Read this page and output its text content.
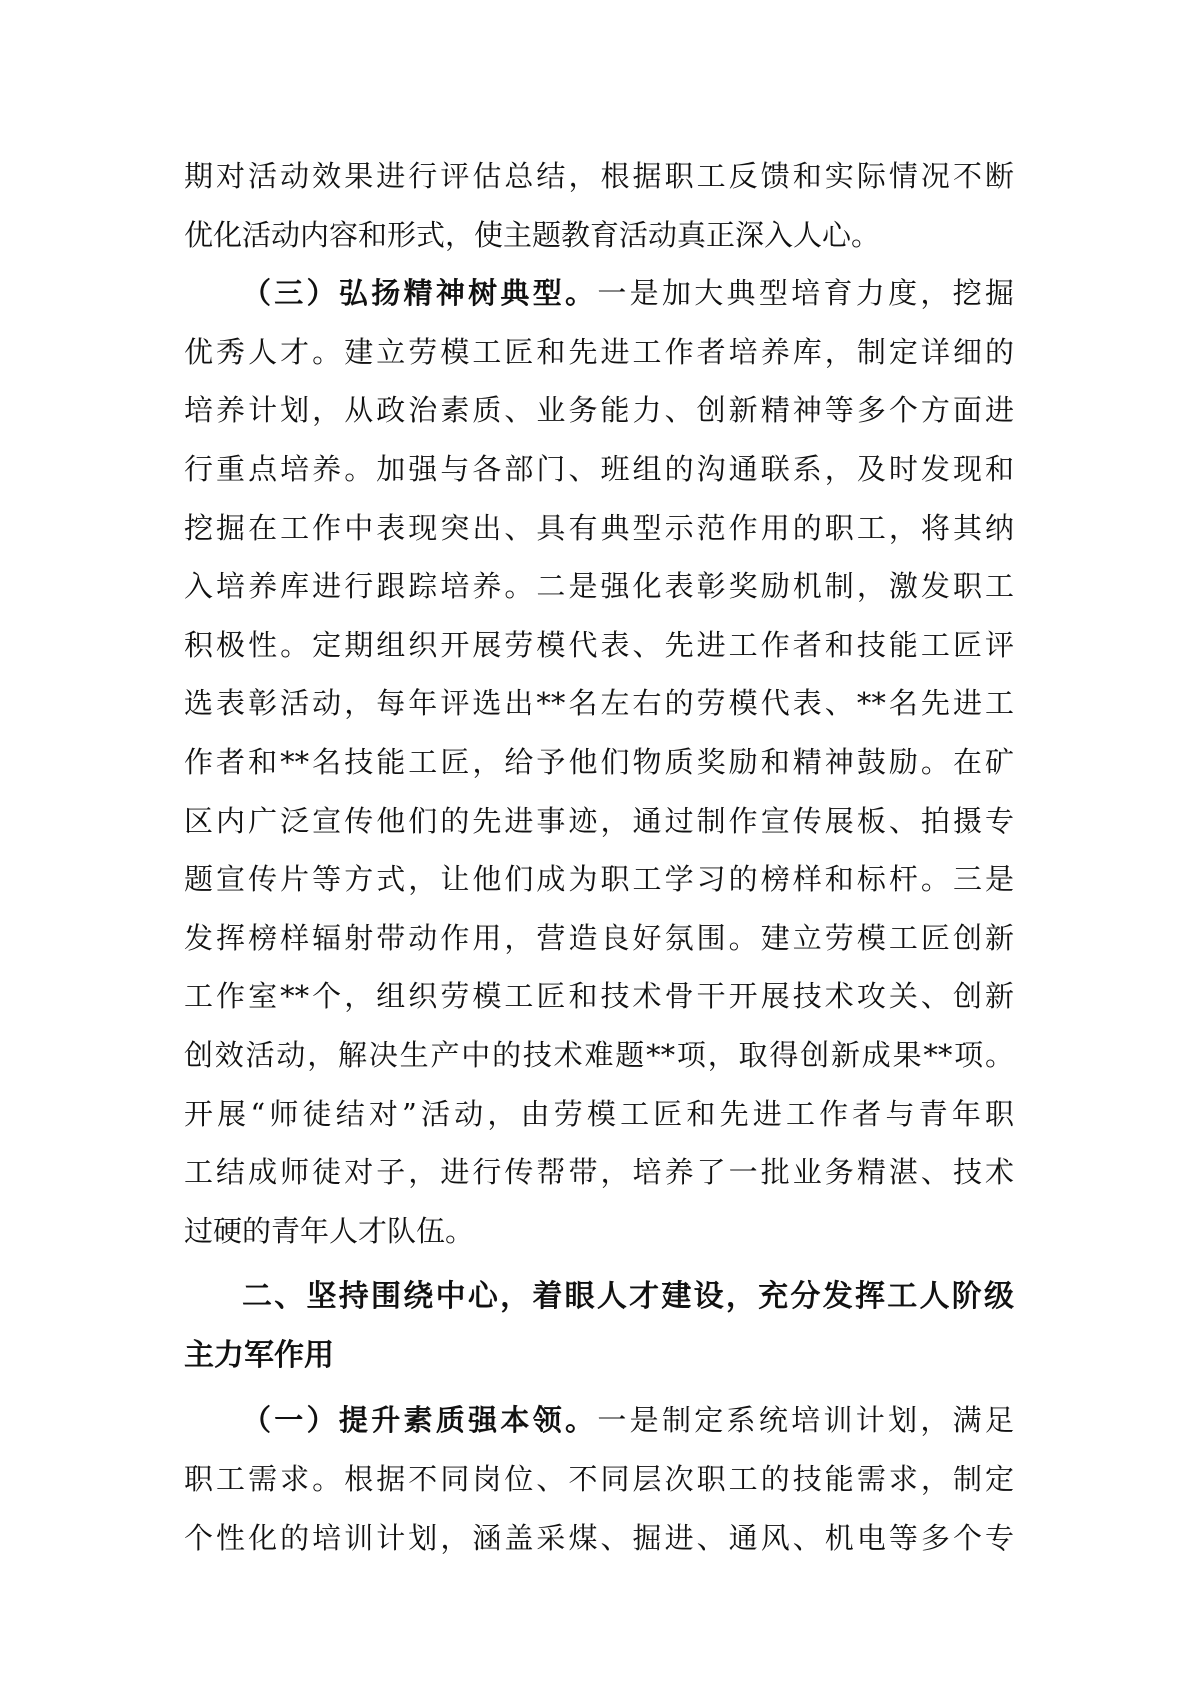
期对活动效果进行评估总结，根据职工反馈和实际情况不断
优化活动内容和形式，使主题教育活动真正深入人心。
（三）弘扬精神树典型。一是加大典型培育力度，挖掘
优秀人才。建立劳模工匠和先进工作者培养库，制定详细的
培养计划，从政治素质、业务能力、创新精神等多个方面进
行重点培养。加强与各部门、班组的沟通联系，及时发现和
挖掘在工作中表现突出、具有典型示范作用的职工，将其纳
入培养库进行跟踪培养。二是强化表彰奖励机制，激发职工
积极性。定期组织开展劳模代表、先进工作者和技能工匠评
选表彰活动，每年评选出**名左右的劳模代表、**名先进工
作者和**名技能工匠，给予他们物质奖励和精神鼓励。在矿
区内广泛宣传他们的先进事迹，通过制作宣传展板、拍摄专
题宣传片等方式，让他们成为职工学习的榜样和标杆。三是
发挥榜样辐射带动作用，营造良好氛围。建立劳模工匠创新
工作室**个，组织劳模工匠和技术骨干开展技术攻关、创新
创效活动，解决生产中的技术难题**项，取得创新成果**项。
开展“师徒结对”活动，由劳模工匠和先进工作者与青年职
工结成师徒对子，进行传帮带，培养了一批业务精湛、技术
过硬的青年人才队伍。
二、坚持围绕中心，着眼人才建设，充分发挥工人阶级
主力军作用
（一）提升素质强本领。一是制定系统培训计划，满足
职工需求。根据不同岗位、不同层次职工的技能需求，制定
个性化的培训计划，涵盖采煤、掘进、通风、机电等多个专
